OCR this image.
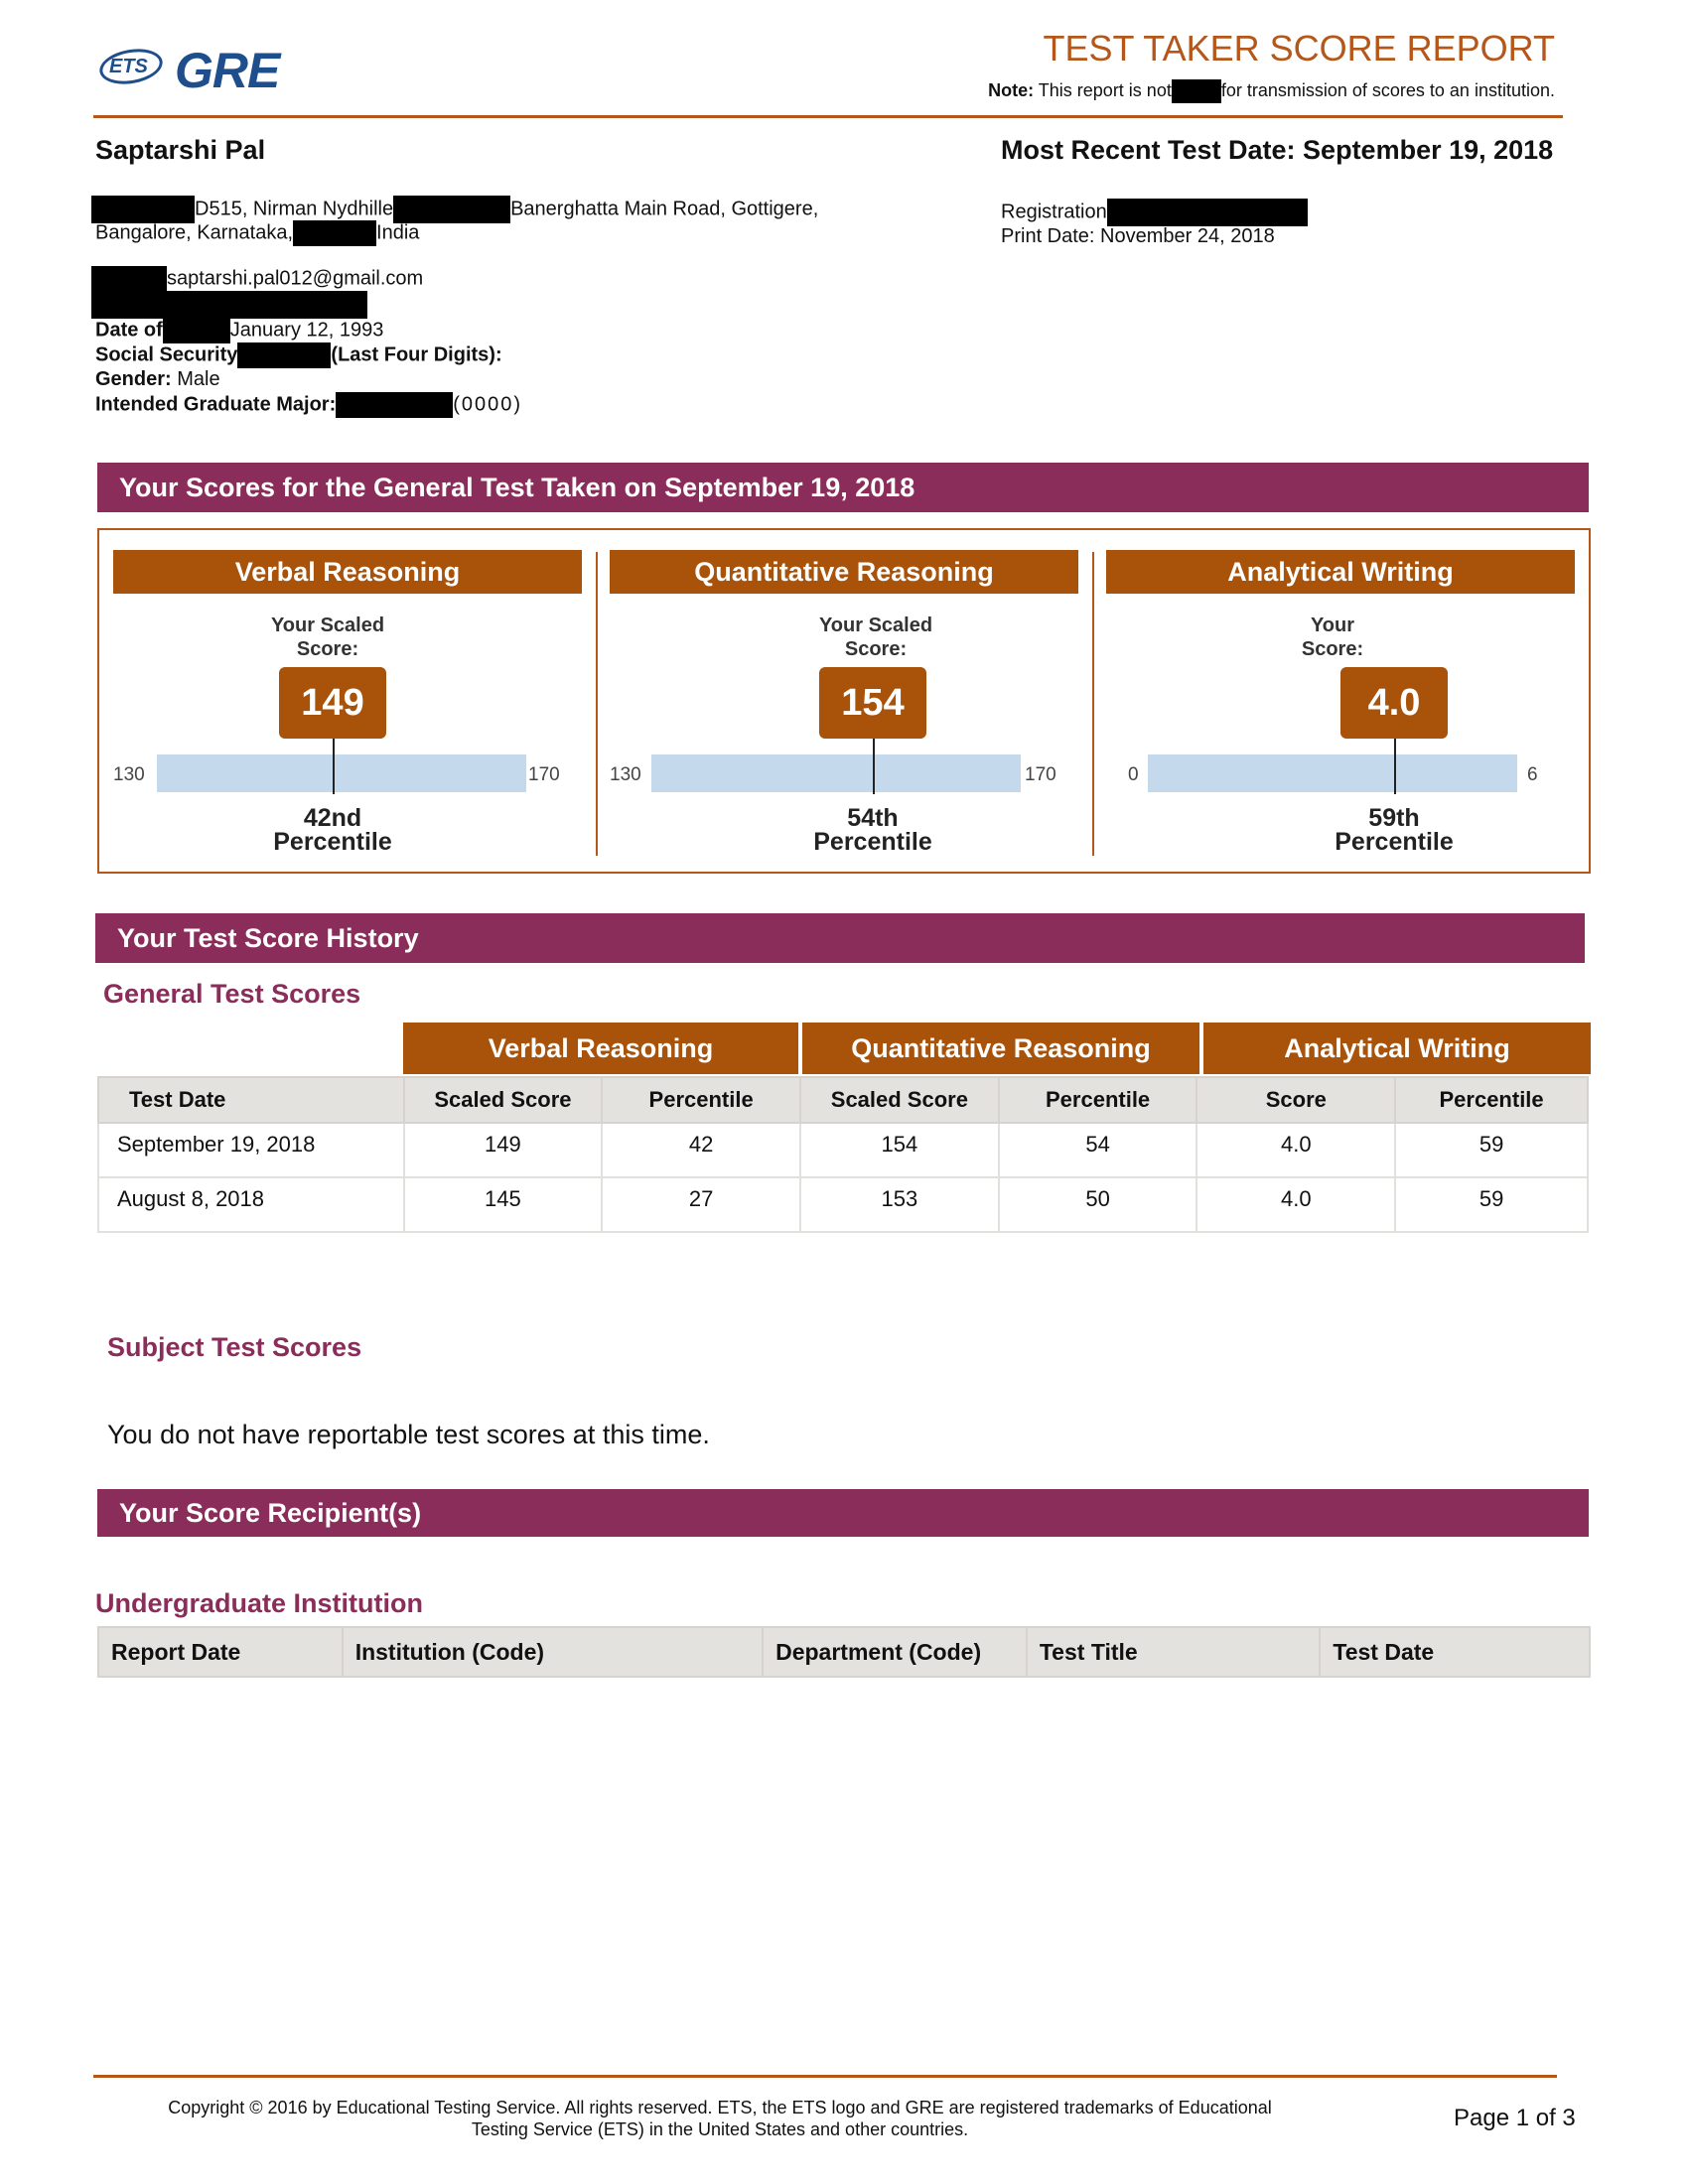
ETS GRE	TEST TAKER SCORE REPORT
Note: This report is not	for transmission of scores to an institution.
Saptarshi Pal	Most Recent Test Date: September 19, 2018
D515, Nirman Nydhille	Banerghatta Main Road, Gottigere,
Bangalore, Karnataka,	India
saptarshi.pal012@gmail.com
Date of	January 12, 1993
Social Security	(Last Four Digits):
Gender: Male
Intended Graduate Major:	(0000)
Registration
Print Date: November 24, 2018
Your Scores for the General Test Taken on September 19, 2018
Verbal Reasoning
Your Scaled
Score:
149
130	170
42nd
Percentile
Quantitative Reasoning
Your Scaled
Score:
154
130	170
54th
Percentile
Analytical Writing
Your
Score:
4.0
0	6
59th
Percentile
Your Test Score History
General Test Scores
Verbal Reasoning	Quantitative Reasoning	Analytical Writing
Test Date	Scaled Score	Percentile	Scaled Score	Percentile	Score	Percentile
September 19, 2018	149	42	154	54	4.0	59
August 8, 2018	145	27	153	50	4.0	59
Subject Test Scores
You do not have reportable test scores at this time.
Your Score Recipient(s)
Undergraduate Institution
Report Date	Institution (Code)	Department (Code)	Test Title	Test Date
Copyright © 2016 by Educational Testing Service. All rights reserved. ETS, the ETS logo and GRE are registered trademarks of Educational
Testing Service (ETS) in the United States and other countries.	Page 1 of 3
